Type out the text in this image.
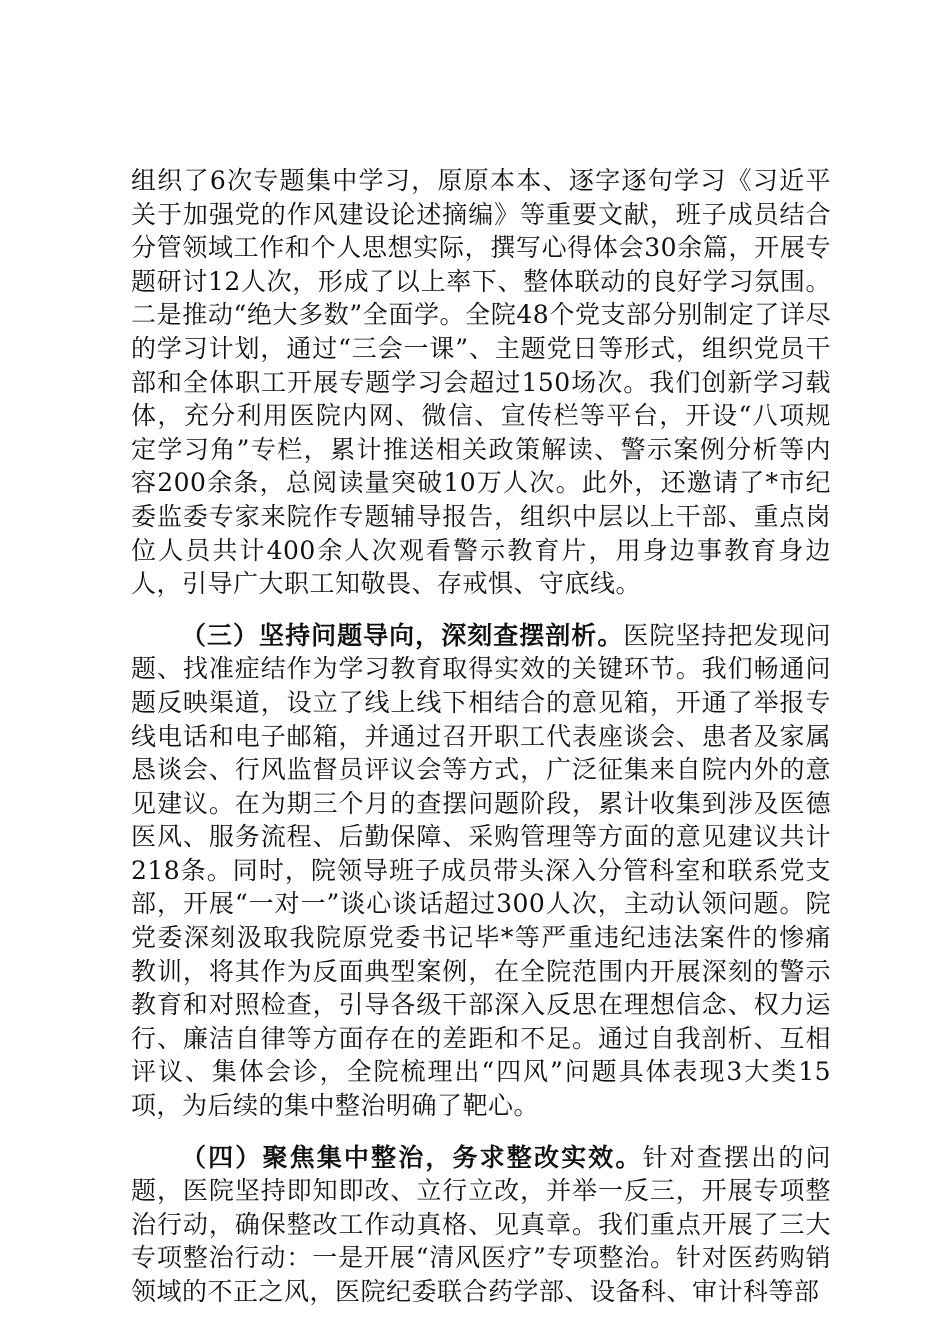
组织了6次专题集中学习，原原本本、逐字逐句学习《习近平关于加强党的作风建设论述摘编》等重要文献，班子成员结合分管领域工作和个人思想实际，撰写心得体会30余篇，开展专题研讨12人次，形成了以上率下、整体联动的良好学习氛围。二是推动“绝大多数”全面学。全院48个党支部分别制定了详尽的学习计划，通过“三会一课”、主题党日等形式，组织党员干部和全体职工开展专题学习会超过150场次。我们创新学习载体，充分利用医院内网、微信、宣传栏等平台，开设“八项规定学习角”专栏，累计推送相关政策解读、警示案例分析等内容200余条，总阅读量突破10万人次。此外，还邀请了*市纪委监委专家来院作专题辅导报告，组织中层以上干部、重点岗位人员共计400余人次观看警示教育片，用身边事教育身边人，引导广大职工知敬畏、存戒惧、守底线。

（三）坚持问题导向，深刻查摆剖析。医院坚持把发现问题、找准症结作为学习教育取得实效的关键环节。我们畅通问题反映渠道，设立了线上线下相结合的意见箱，开通了举报专线电话和电子邮箱，并通过召开职工代表座谈会、患者及家属恳谈会、行风监督员评议会等方式，广泛征集来自院内外的意见建议。在为期三个月的查摆问题阶段，累计收集到涉及医德医风、服务流程、后勤保障、采购管理等方面的意见建议共计218条。同时，院领导班子成员带头深入分管科室和联系党支部，开展“一对一”谈心谈话超过300人次，主动认领问题。院党委深刻汲取我院原党委书记毕*等严重违纪违法案件的惨痛教训，将其作为反面典型案例，在全院范围内开展深刻的警示教育和对照检查，引导各级干部深入反思在理想信念、权力运行、廉洁自律等方面存在的差距和不足。通过自我剖析、互相评议、集体会诊，全院梳理出“四风”问题具体表现3大类15项，为后续的集中整治明确了靶心。

（四）聚焦集中整治，务求整改实效。针对查摆出的问题，医院坚持即知即改、立行立改，并举一反三，开展专项整治行动，确保整改工作动真格、见真章。我们重点开展了三大专项整治行动：一是开展“清风医疗”专项整治。针对医药购销领域的不正之风，医院纪委联合药学部、设备科、审计科等部
